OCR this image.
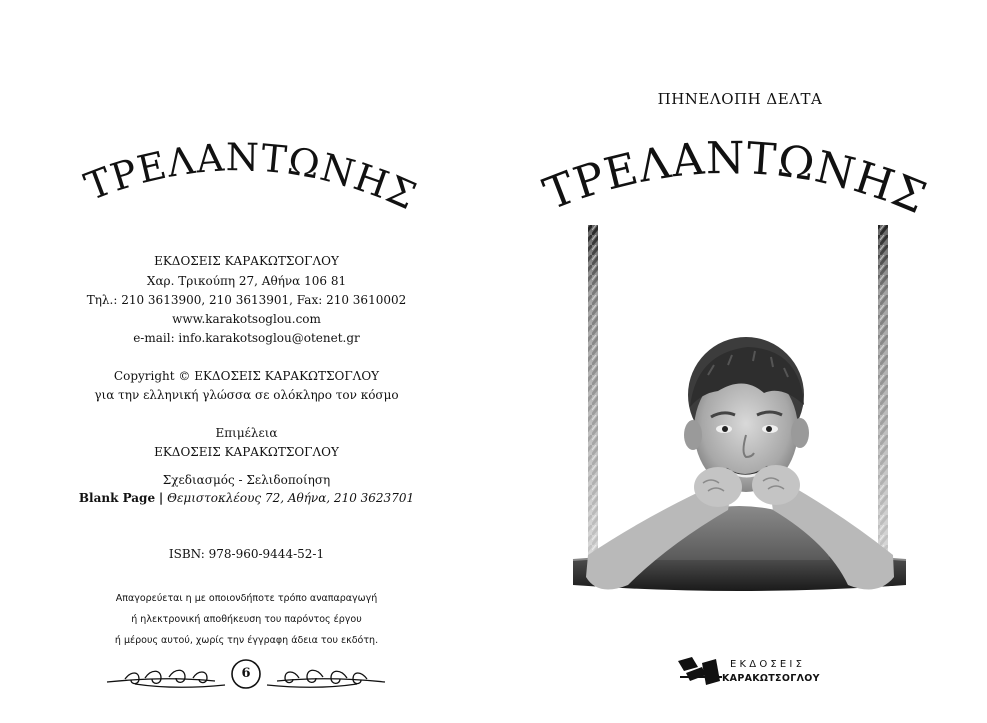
ΤΡΕΛΑΝΤΩΝΗΣ
ΕΚΔΟΣΕΙΣ ΚΑΡΑΚΩΤΣΟΓΛΟΥ
Χαρ. Τρικούπη 27, Αθήνα 106 81
Τηλ.: 210 3613900, 210 3613901, Fax: 210 3610002
www.karakotsoglou.com
e-mail: info.karakotsoglou@otenet.gr
Copyright © ΕΚΔΟΣΕΙΣ ΚΑΡΑΚΩΤΣΟΓΛΟΥ
για την ελληνική γλώσσα σε ολόκληρο τον κόσμο
Επιμέλεια
ΕΚΔΟΣΕΙΣ ΚΑΡΑΚΩΤΣΟΓΛΟΥ
Σχεδιασμός - Σελιδοποίηση
Blank Page | Θεμιστοκλέους 72, Αθήνα, 210 3623701
ISBN: 978-960-9444-52-1
Απαγορεύεται η με οποιονδήποτε τρόπο αναπαραγωγή
ή ηλεκτρονική αποθήκευση του παρόντος έργου
ή μέρους αυτού, χωρίς την έγγραφη άδεια του εκδότη.
6
ΠΗΝΕΛΟΠΗ ΔΕΛΤΑ
ΤΡΕΛΑΝΤΩΝΗΣ
ΕΚΔΟΣΕΙΣ
ΚΑΡΑΚΩΤΣΟΓΛΟΥ
